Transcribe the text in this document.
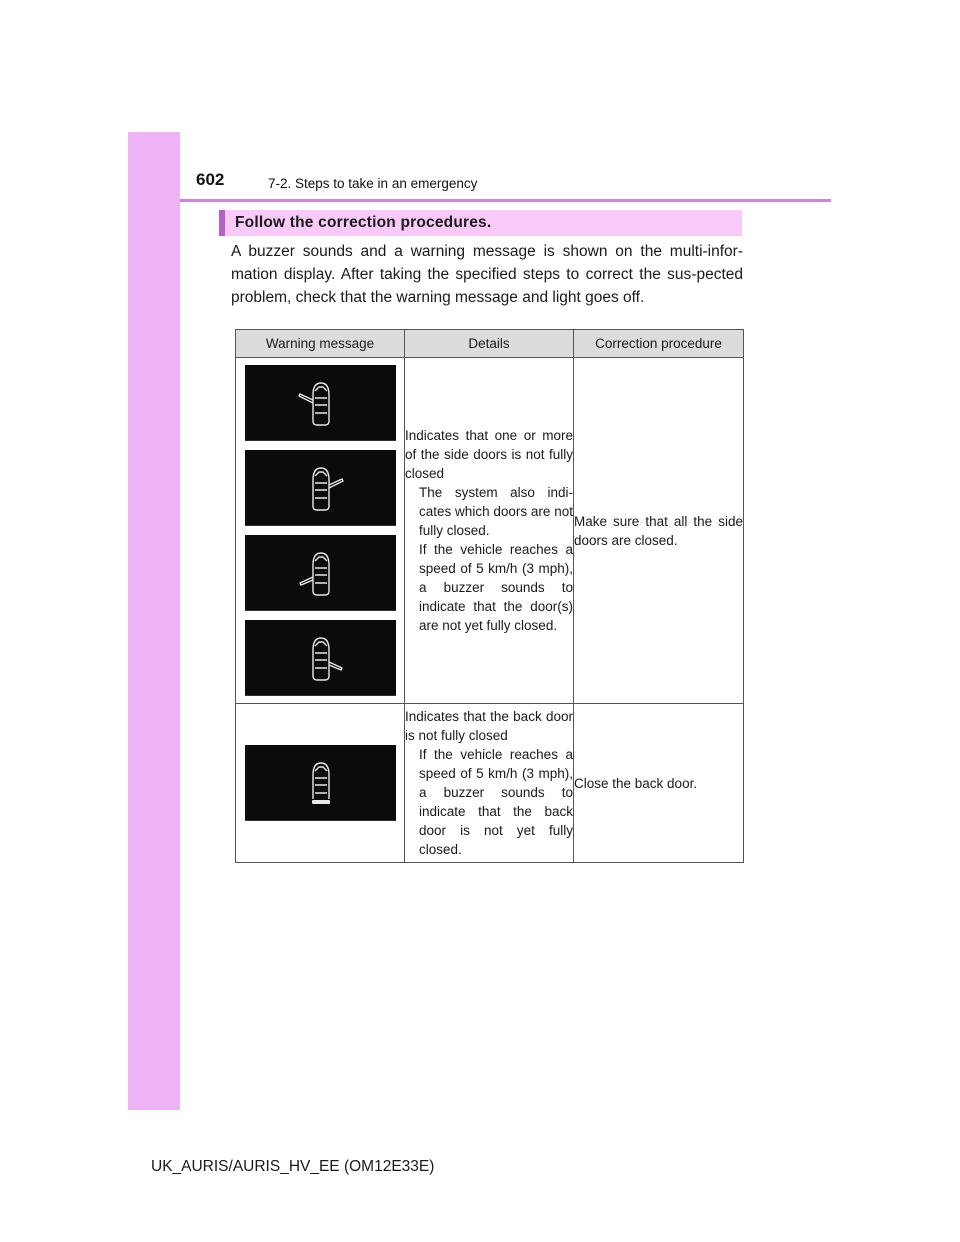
602	7-2. Steps to take in an emergency
Follow the correction procedures.

A buzzer sounds and a warning message is shown on the multi-infor-mation display. After taking the specified steps to correct the sus-pected problem, check that the warning message and light goes off.

Warning message	Details	Correction procedure

Indicates that one or more of the side doors is not fully closed

The system also indi-cates which doors are not fully closed.

If the vehicle reaches a speed of 5 km/h (3 mph), a buzzer sounds to indicate that the door(s) are not yet fully closed.	Make sure that all the side doors are closed.

Indicates that the back door is not fully closed

If the vehicle reaches a speed of 5 km/h (3 mph), a buzzer sounds to indicate that the back door is not yet fully closed.	Close the back door.

UK_AURIS/AURIS_HV_EE (OM12E33E)
